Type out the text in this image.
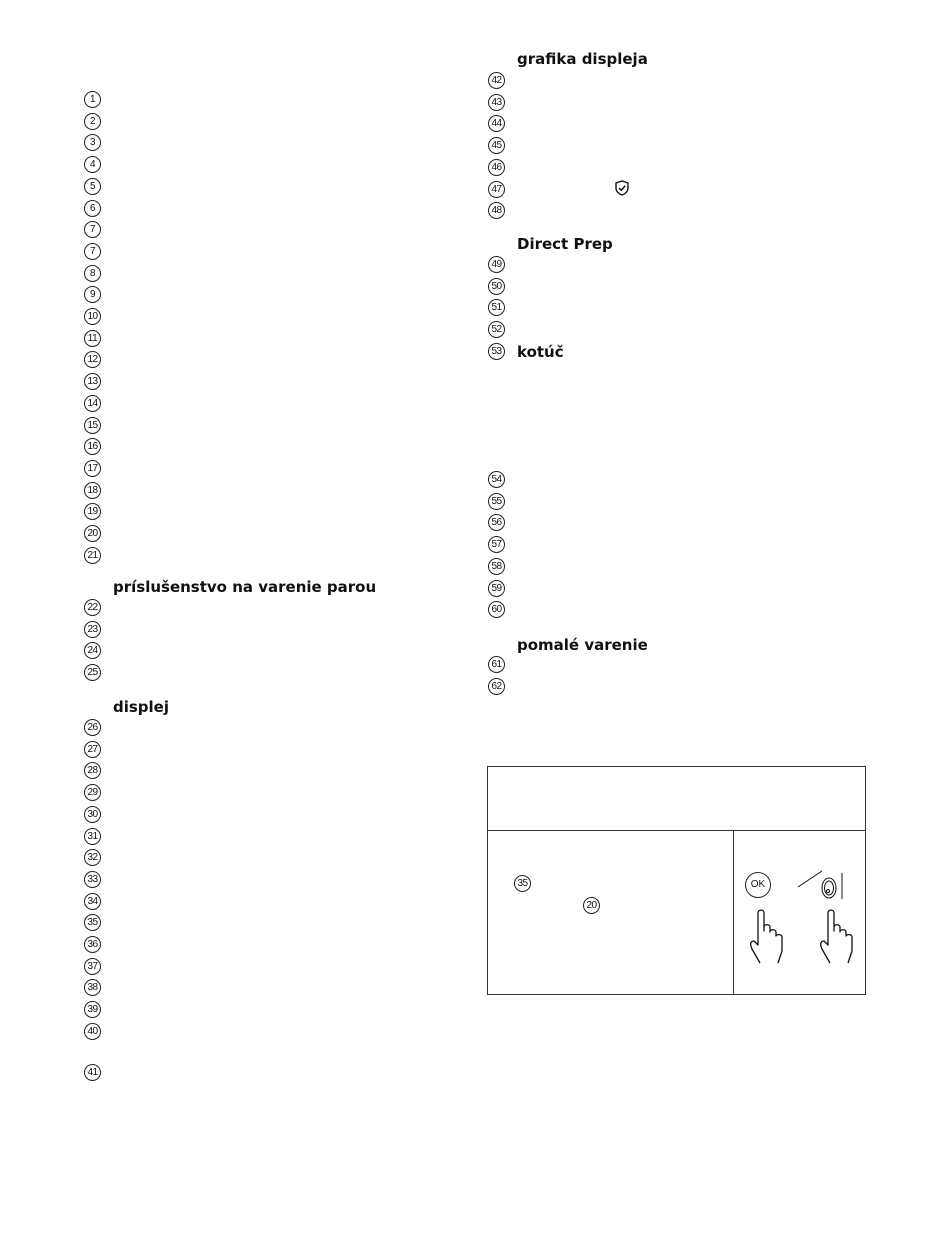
príslušenstvo na varenie parou
displej
grafika displeja
Direct Prep
kotúč
pomalé varenie
35
20
OK
1
2
3
4
5
6
7
7
8
9
10
11
12
13
14
15
16
17
18
19
20
21
22
23
24
25
26
27
28
29
30
31
32
33
34
35
36
37
38
39
40
41
42
43
44
45
46
47
48
49
50
51
52
53
54
55
56
57
58
59
60
61
62
